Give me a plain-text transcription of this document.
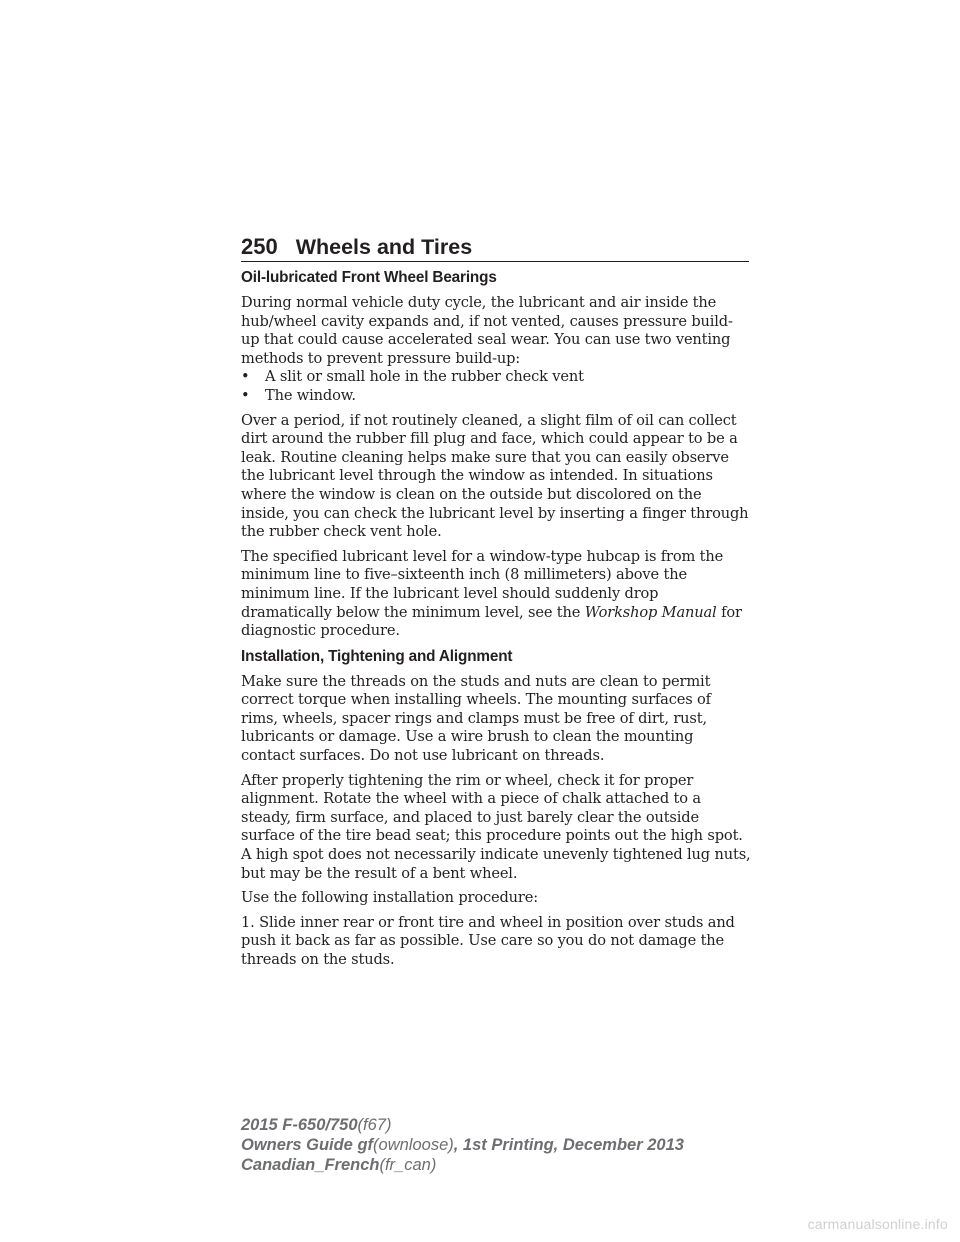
250 Wheels and Tires
Oil-lubricated Front Wheel Bearings

During normal vehicle duty cycle, the lubricant and air inside the hub/wheel cavity expands and, if not vented, causes pressure build-up that could cause accelerated seal wear. You can use two venting methods to prevent pressure build-up:

•	A slit or small hole in the rubber check vent
•	The window.

Over a period, if not routinely cleaned, a slight film of oil can collect dirt around the rubber fill plug and face, which could appear to be a leak. Routine cleaning helps make sure that you can easily observe the lubricant level through the window as intended. In situations where the window is clean on the outside but discolored on the inside, you can check the lubricant level by inserting a finger through the rubber check vent hole.

The specified lubricant level for a window-type hubcap is from the minimum line to five–sixteenth inch (8 millimeters) above the minimum line. If the lubricant level should suddenly drop dramatically below the minimum level, see the Workshop Manual for diagnostic procedure.

Installation, Tightening and Alignment

Make sure the threads on the studs and nuts are clean to permit correct torque when installing wheels. The mounting surfaces of rims, wheels, spacer rings and clamps must be free of dirt, rust, lubricants or damage. Use a wire brush to clean the mounting contact surfaces. Do not use lubricant on threads.

After properly tightening the rim or wheel, check it for proper alignment. Rotate the wheel with a piece of chalk attached to a steady, firm surface, and placed to just barely clear the outside surface of the tire bead seat; this procedure points out the high spot. A high spot does not necessarily indicate unevenly tightened lug nuts, but may be the result of a bent wheel.

Use the following installation procedure:

1. Slide inner rear or front tire and wheel in position over studs and push it back as far as possible. Use care so you do not damage the threads on the studs.

2015 F-650/750(f67)
Owners Guide gf(ownloose), 1st Printing, December 2013
Canadian_French(fr_can)
carmanualsonline.info
